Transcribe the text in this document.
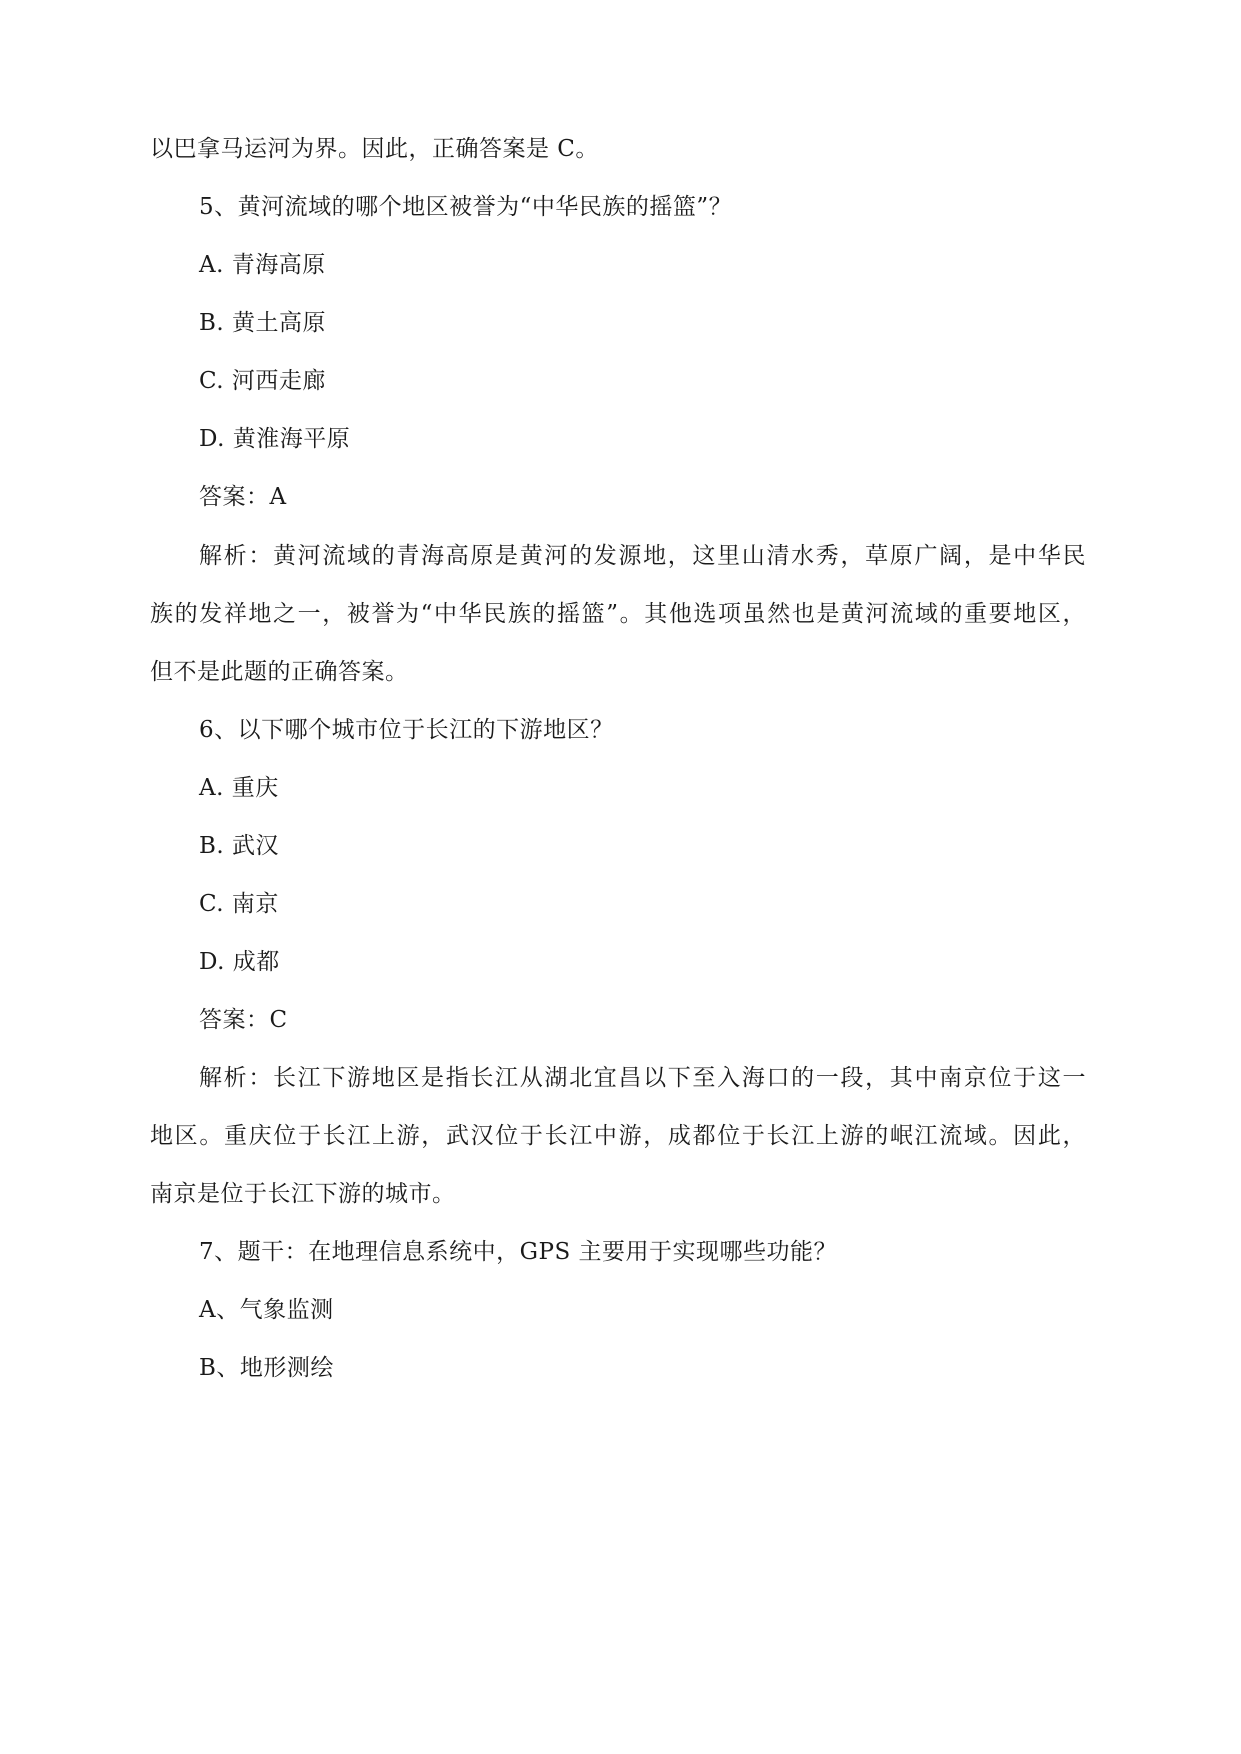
以巴拿马运河为界。因此，正确答案是 C。

5、黄河流域的哪个地区被誉为“中华民族的摇篮”？

A. 青海高原

B. 黄土高原

C. 河西走廊

D. 黄淮海平原

答案：A

解析：黄河流域的青海高原是黄河的发源地，这里山清水秀，草原广阔，是中华民

族的发祥地之一，被誉为“中华民族的摇篮”。其他选项虽然也是黄河流域的重要地区，

但不是此题的正确答案。

6、以下哪个城市位于长江的下游地区？

A. 重庆

B. 武汉

C. 南京

D. 成都

答案：C

解析：长江下游地区是指长江从湖北宜昌以下至入海口的一段，其中南京位于这一

地区。重庆位于长江上游，武汉位于长江中游，成都位于长江上游的岷江流域。因此，

南京是位于长江下游的城市。

7、题干：在地理信息系统中，GPS 主要用于实现哪些功能？

A、气象监测

B、地形测绘
